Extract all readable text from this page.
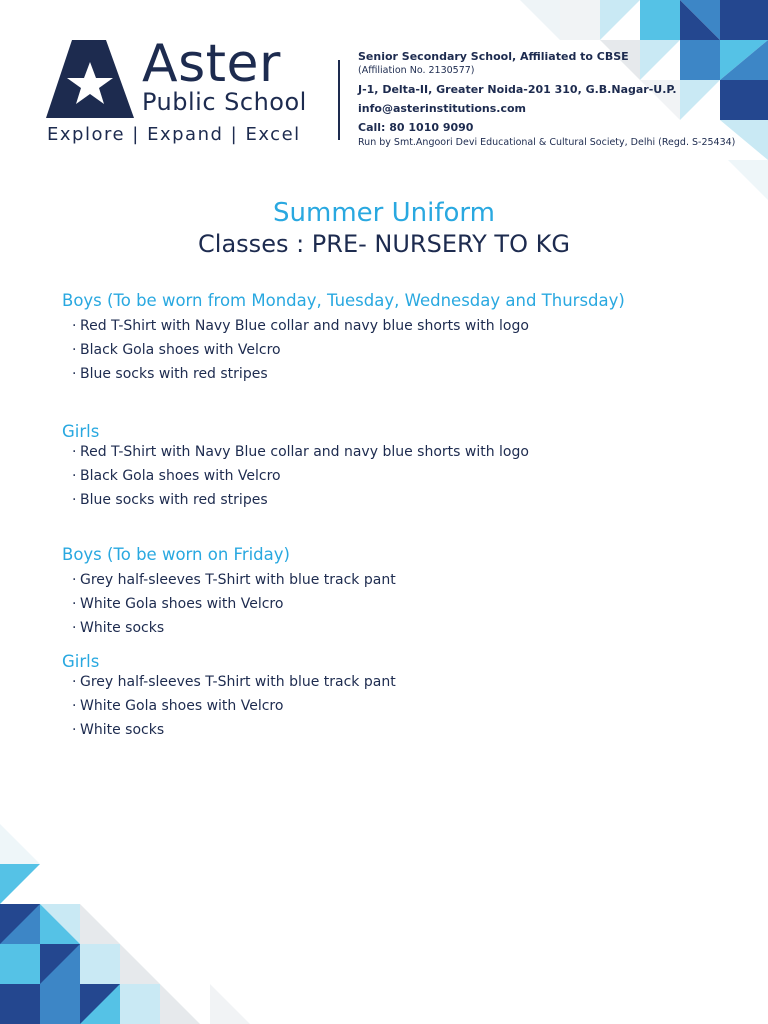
Aster
Public School
Explore | Expand | Excel
Senior Secondary School, Affiliated to CBSE
(Affiliation No. 2130577)
J-1, Delta-II, Greater Noida-201 310, G.B.Nagar-U.P.
info@asterinstitutions.com
Call: 80 1010 9090
Run by Smt.Angoori Devi Educational & Cultural Society, Delhi (Regd. S-25434)
Summer Uniform
Classes : PRE- NURSERY TO KG
Boys (To be worn from Monday, Tuesday, Wednesday and Thursday)
· Red T-Shirt with Navy Blue collar and navy blue shorts with logo
· Black Gola shoes with Velcro
· Blue socks with red stripes
Girls
· Red T-Shirt with Navy Blue collar and navy blue shorts with logo
· Black Gola shoes with Velcro
· Blue socks with red stripes
Boys (To be worn on Friday)
· Grey half-sleeves T-Shirt with blue track pant
· White Gola shoes with Velcro
· White socks
Girls
· Grey half-sleeves T-Shirt with blue track pant
· White Gola shoes with Velcro
· White socks
